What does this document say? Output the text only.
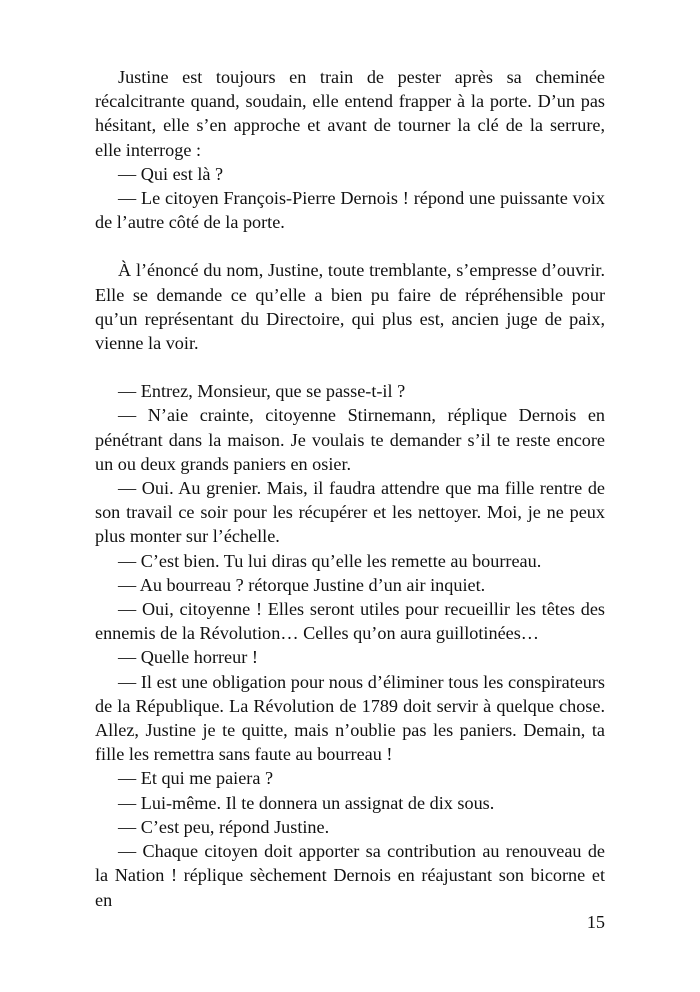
Justine est toujours en train de pester après sa cheminée récalcitrante quand, soudain, elle entend frapper à la porte. D’un pas hésitant, elle s’en approche et avant de tourner la clé de la serrure, elle interroge :

— Qui est là ?

— Le citoyen François-Pierre Dernois ! répond une puissante voix de l’autre côté de la porte.

À l’énoncé du nom, Justine, toute tremblante, s’empresse d’ouvrir. Elle se demande ce qu’elle a bien pu faire de répréhensible pour qu’un représentant du Directoire, qui plus est, ancien juge de paix, vienne la voir.

— Entrez, Monsieur, que se passe-t-il ?

— N’aie crainte, citoyenne Stirnemann, réplique Dernois en pénétrant dans la maison. Je voulais te demander s’il te reste encore un ou deux grands paniers en osier.

— Oui. Au grenier. Mais, il faudra attendre que ma fille rentre de son travail ce soir pour les récupérer et les nettoyer. Moi, je ne peux plus monter sur l’échelle.

— C’est bien. Tu lui diras qu’elle les remette au bourreau.

— Au bourreau ? rétorque Justine d’un air inquiet.

— Oui, citoyenne ! Elles seront utiles pour recueillir les têtes des ennemis de la Révolution… Celles qu’on aura guillotinées…

— Quelle horreur !

— Il est une obligation pour nous d’éliminer tous les conspirateurs de la République. La Révolution de 1789 doit servir à quelque chose. Allez, Justine je te quitte, mais n’oublie pas les paniers. Demain, ta fille les remettra sans faute au bourreau !

— Et qui me paiera ?

— Lui-même. Il te donnera un assignat de dix sous.

— C’est peu, répond Justine.

— Chaque citoyen doit apporter sa contribution au renouveau de la Nation ! réplique sèchement Dernois en réajustant son bicorne et en

15
